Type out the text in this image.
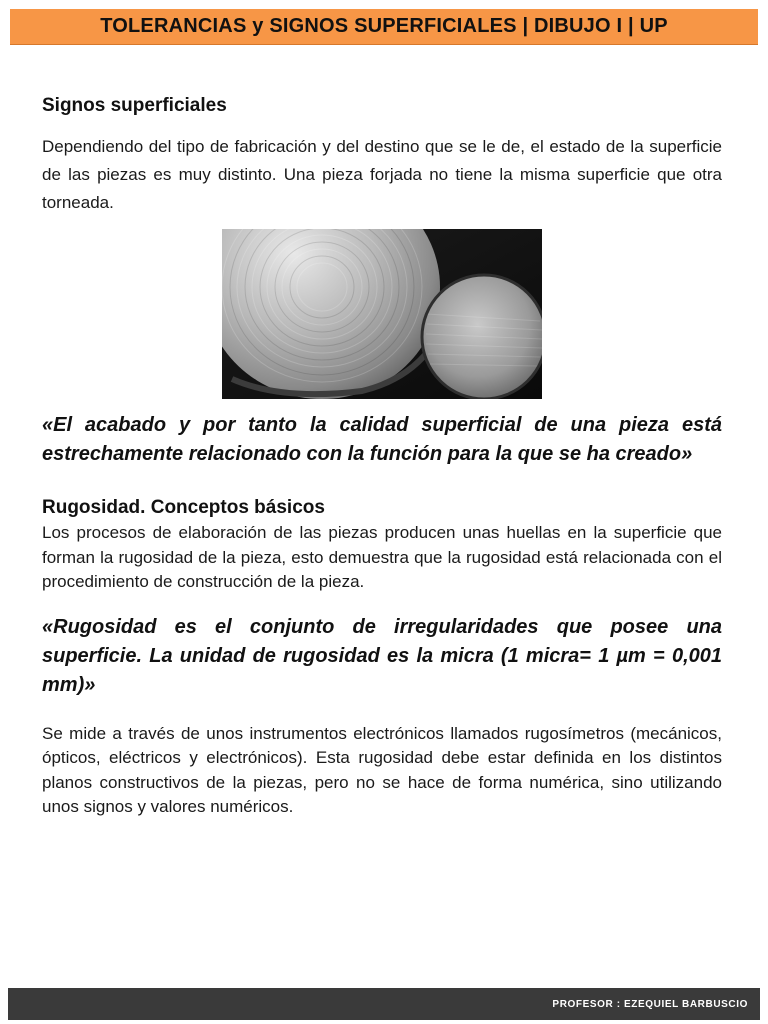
TOLERANCIAS y SIGNOS SUPERFICIALES | DIBUJO I | UP
Signos superficiales

Dependiendo del tipo de fabricación y del destino que se le de, el estado de la superficie de las piezas es muy distinto. Una pieza forjada no tiene la misma superficie que otra torneada.

«El acabado y por tanto la calidad superficial de una pieza está estrechamente relacionado con la función para la que se ha creado»

Rugosidad. Conceptos básicos

Los procesos de elaboración de las piezas producen unas huellas en la superficie que forman la rugosidad de la pieza, esto demuestra que la rugosidad está relacionada con el procedimiento de construcción de la pieza.

«Rugosidad es el conjunto de irregularidades que posee una superficie. La unidad de rugosidad es la micra (1 micra= 1 µm = 0,001 mm)»

Se mide a través de unos instrumentos electrónicos llamados rugosímetros (mecánicos, ópticos, eléctricos y electrónicos). Esta rugosidad debe estar definida en los distintos planos constructivos de la piezas, pero no se hace de forma numérica, sino utilizando unos signos y valores numéricos.

PROFESOR : EZEQUIEL BARBUSCIO
